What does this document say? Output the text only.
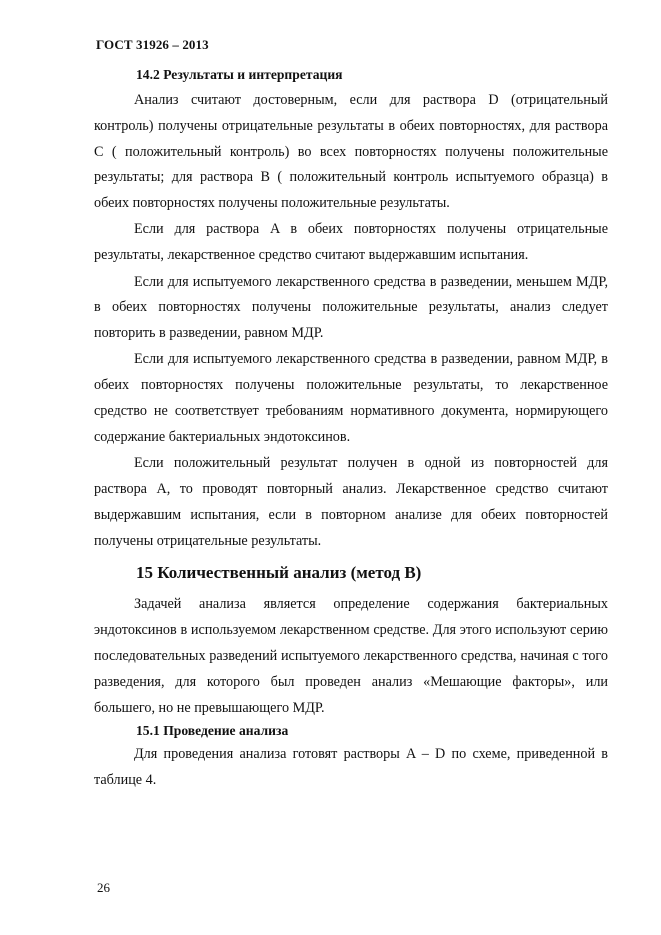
ГОСТ 31926 – 2013
14.2 Результаты и интерпретация

Анализ считают достоверным, если для раствора D (отрицательный контроль) получены отрицательные результаты в обеих повторностях, для раствора C ( положительный контроль) во всех повторностях получены положительные результаты; для раствора B ( положительный контроль испытуемого образца) в обеих повторностях получены положительные результаты.

Если для раствора A в обеих повторностях получены отрицательные результаты, лекарственное средство считают выдержавшим испытания.

Если для испытуемого лекарственного средства в разведении, меньшем МДР, в обеих повторностях получены положительные результаты, анализ следует повторить в разведении, равном МДР.

Если для испытуемого лекарственного средства в разведении, равном МДР, в обеих повторностях получены положительные результаты, то лекарственное средство не соответствует требованиям нормативного документа, нормирующего содержание бактериальных эндотоксинов.

Если положительный результат получен в одной из повторностей для раствора A, то проводят повторный анализ. Лекарственное средство считают выдержавшим испытания, если в повторном анализе для обеих повторностей получены отрицательные результаты.

15 Количественный анализ (метод B)

Задачей анализа является определение содержания бактериальных эндотоксинов в используемом лекарственном средстве. Для этого используют серию последовательных разведений испытуемого лекарственного средства, начиная с того разведения, для которого был проведен анализ «Мешающие факторы», или большего, но не превышающего МДР.

15.1 Проведение анализа

Для проведения анализа готовят растворы A – D по схеме, приведенной в таблице 4.

26
